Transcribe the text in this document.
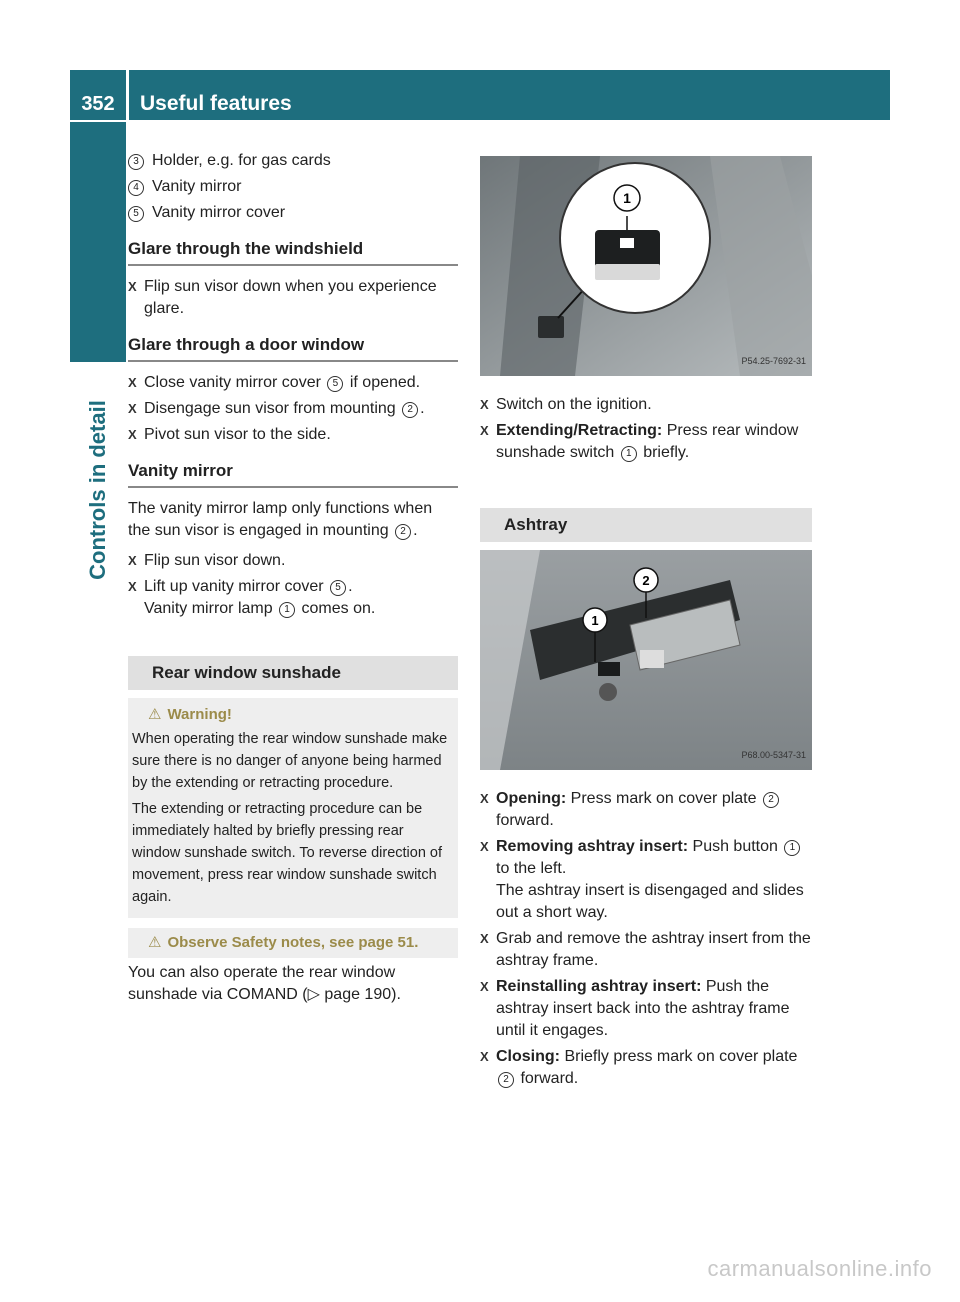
352	Useful features
Controls in detail
3 Holder, e.g. for gas cards
4 Vanity mirror
5 Vanity mirror cover
Glare through the windshield
X Flip sun visor down when you experience glare.
Glare through a door window
X Close vanity mirror cover 5 if opened.
X Disengage sun visor from mounting 2 .
X Pivot sun visor to the side.
Vanity mirror

The vanity mirror lamp only functions when the sun visor is engaged in mounting 2 .

X Flip sun visor down.
X Lift up vanity mirror cover 5 .
Vanity mirror lamp 1 comes on.
Rear window sunshade
⚠ Warning!

When operating the rear window sunshade make sure there is no danger of anyone being harmed by the extending or retracting procedure.

The extending or retracting procedure can be immediately halted by briefly pressing rear window sunshade switch. To reverse direction of movement, press rear window sunshade switch again.

⚠ Observe Safety notes, see page 51.

You can also operate the rear window sunshade via COMAND (▷ page 190).

1
P54.25-7692-31
X Switch on the ignition.
X Extending/Retracting: Press rear window sunshade switch 1 briefly.
Ashtray
1
2
P68.00-5347-31
X Opening: Press mark on cover plate 2 forward.
X Removing ashtray insert: Push button 1 to the left.
The ashtray insert is disengaged and slides out a short way.
X Grab and remove the ashtray insert from the ashtray frame.
X Reinstalling ashtray insert: Push the ashtray insert back into the ashtray frame until it engages.
X Closing: Briefly press mark on cover plate 2 forward.
carmanualsonline.info
